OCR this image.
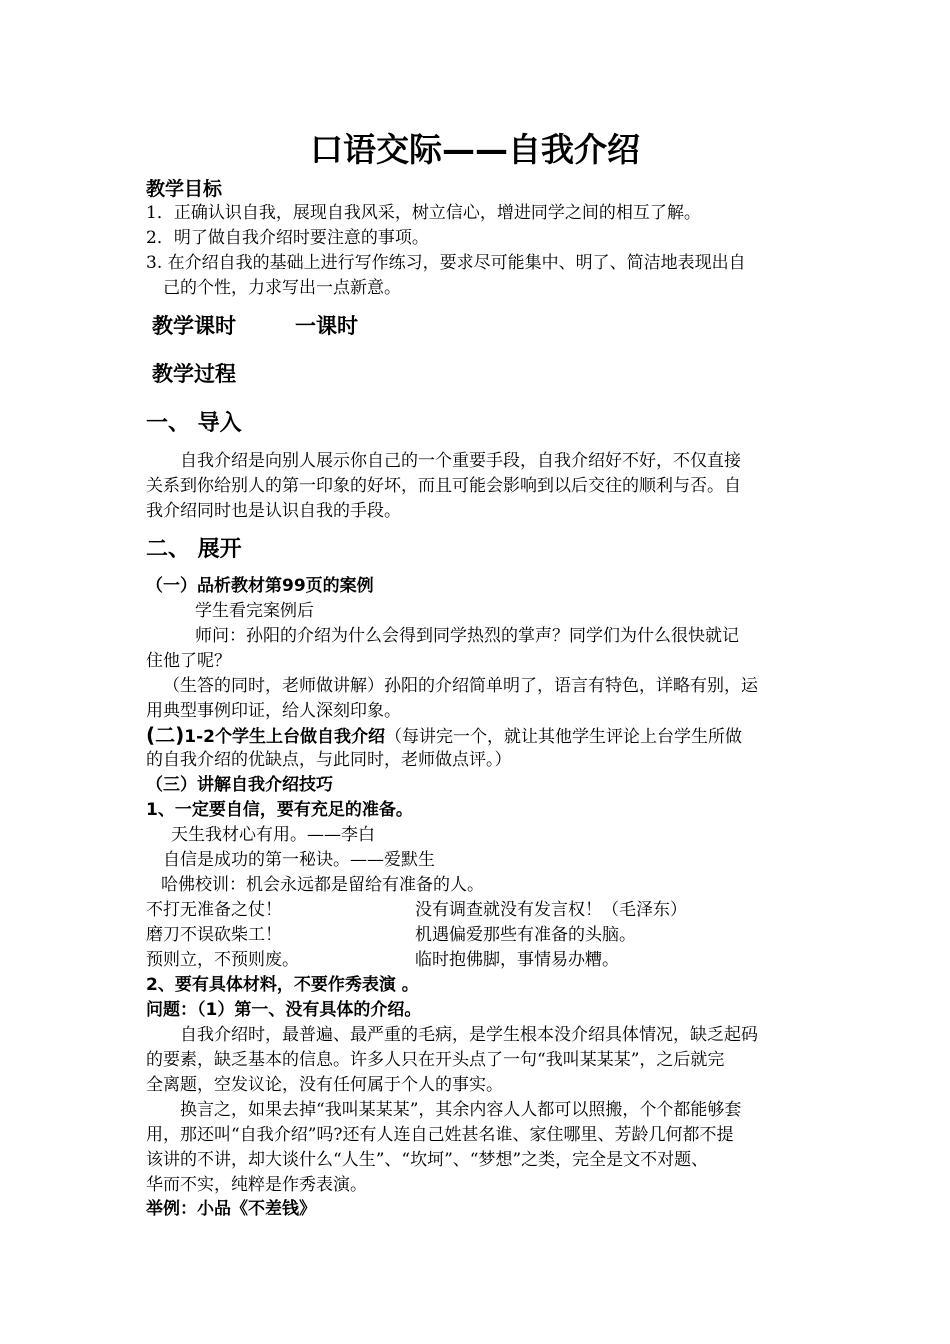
口语交际——自我介绍
教学目标
1．正确认识自我，展现自我风采，树立信心，增进同学之间的相互了解。
2．明了做自我介绍时要注意的事项。
3. 在介绍自我的基础上进行写作练习，要求尽可能集中、明了、简洁地表现出自
己的个性，力求写出一点新意。
教学课时	一课时
教学过程
一、 导入
自我介绍是向别人展示你自己的一个重要手段，自我介绍好不好，不仅直接
关系到你给别人的第一印象的好坏，而且可能会影响到以后交往的顺利与否。自
我介绍同时也是认识自我的手段。
二、 展开
（一）品析教材第99页的案例
学生看完案例后
师问：孙阳的介绍为什么会得到同学热烈的掌声？同学们为什么很快就记
住他了呢？
（生答的同时，老师做讲解）孙阳的介绍简单明了，语言有特色，详略有别，运
用典型事例印证，给人深刻印象。
(二)1-2个学生上台做自我介绍（每讲完一个，就让其他学生评论上台学生所做
的自我介绍的优缺点，与此同时，老师做点评。）
（三）讲解自我介绍技巧
1、一定要自信，要有充足的准备。
天生我材心有用。——李白
自信是成功的第一秘诀。——爱默生
哈佛校训：机会永远都是留给有准备的人。
不打无准备之仗！	没有调查就没有发言权！（毛泽东）
磨刀不误砍柴工！	机遇偏爱那些有准备的头脑。
预则立，不预则废。	临时抱佛脚，事情易办糟。
2、要有具体材料，不要作秀表演 。
问题：（1）第一、没有具体的介绍。
自我介绍时，最普遍、最严重的毛病，是学生根本没介绍具体情况，缺乏起码
的要素，缺乏基本的信息。许多人只在开头点了一句“我叫某某某”，之后就完
全离题，空发议论，没有任何属于个人的事实。
换言之，如果去掉“我叫某某某”，其余内容人人都可以照搬，个个都能够套
用，那还叫“自我介绍”吗?还有人连自己姓甚名谁、家住哪里、芳龄几何都不提
该讲的不讲，却大谈什么“人生”、“坎坷”、“梦想”之类，完全是文不对题、
华而不实，纯粹是作秀表演。
举例：小品《不差钱》
